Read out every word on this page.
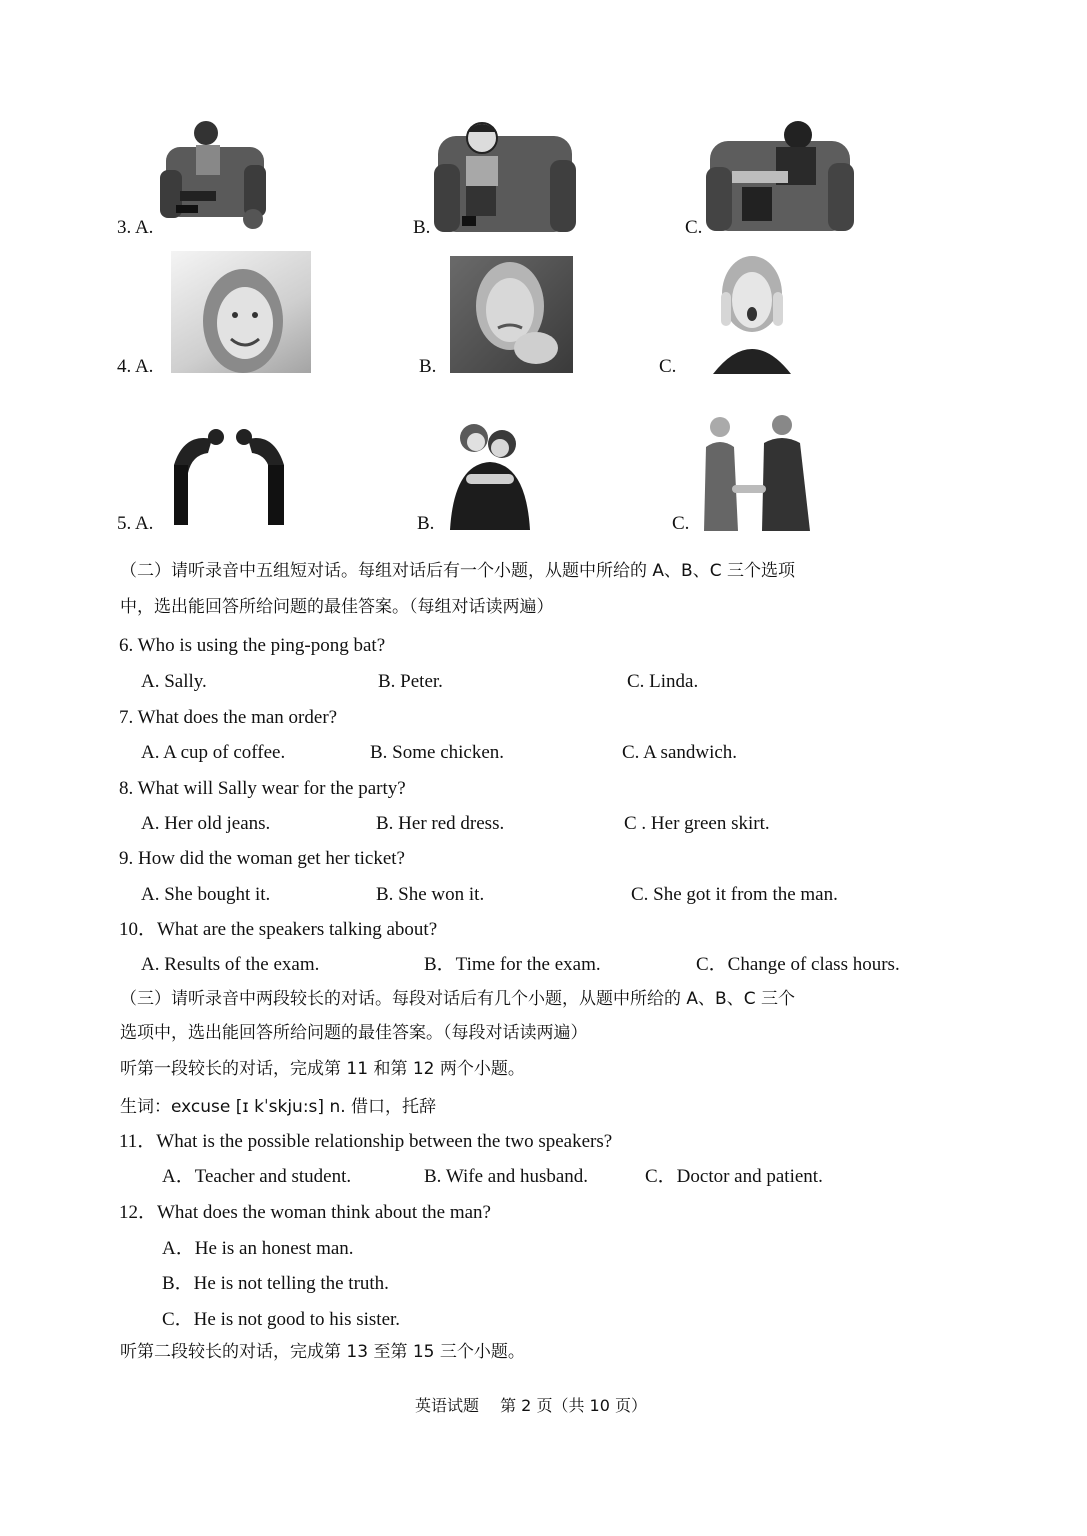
3. A.	B.	C.
4. A.	B.	C.
5. A.	B.	C.
（二）请听录音中五组短对话。每组对话后有一个小题，从题中所给的 A、B、C 三个选项
中，选出能回答所给问题的最佳答案。（每组对话读两遍）
6. Who is using the ping-pong bat?
A. Sally.	B. Peter.	C. Linda.
7. What does the man order?
A. A cup of coffee.	B. Some chicken.	C. A sandwich.
8. What will Sally wear for the party?
A. Her old jeans.	B. Her red dress.	C . Her green skirt.
9. How did the woman get her ticket?
A. She bought it.	B. She won it.	C. She got it from the man.
10．What are the speakers talking about?
A. Results of the exam.	B．Time for the exam.	C．Change of class hours.
（三）请听录音中两段较长的对话。每段对话后有几个小题，从题中所给的 A、B、C 三个
选项中，选出能回答所给问题的最佳答案。（每段对话读两遍）
听第一段较长的对话，完成第 11 和第 12 两个小题。
生词：excuse [ɪ kˈskju:s] n. 借口，托辞
11．What is the possible relationship between the two speakers?
A．Teacher and student.	B. Wife and husband.	C．Doctor and patient.
12．What does the woman think about the man?
A．He is an honest man.
B．He is not telling the truth.
C．He is not good to his sister.
听第二段较长的对话，完成第 13 至第 15 三个小题。
英语试题　 第 2 页（共 10 页）
